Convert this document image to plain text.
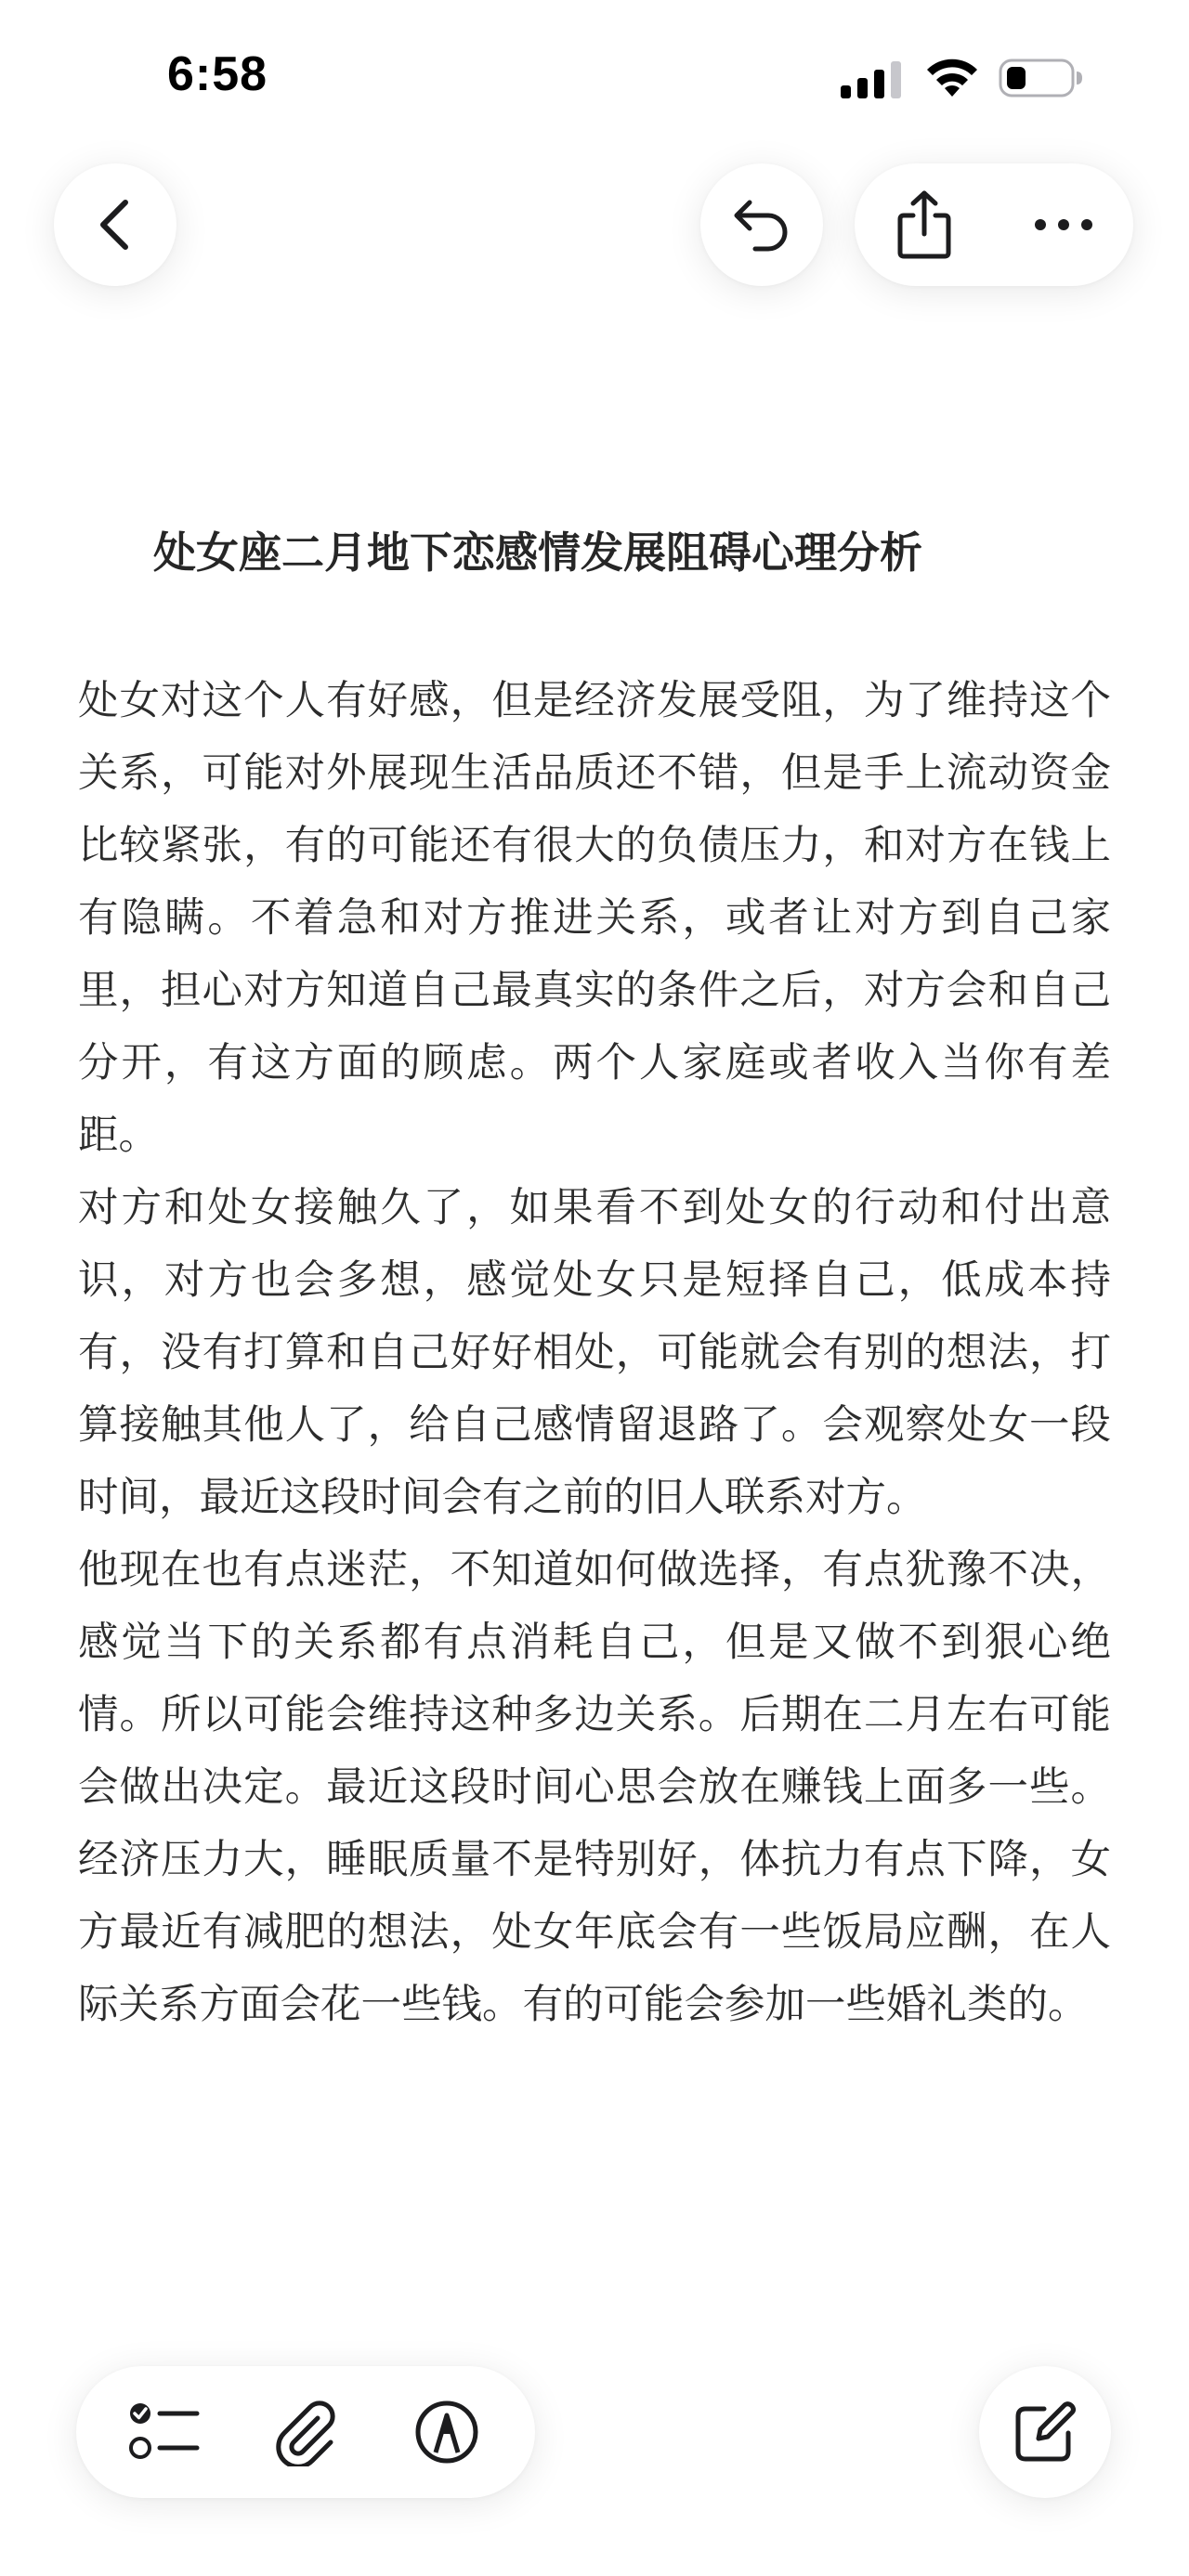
6:58
处女座二月地下恋感情发展阻碍心理分析

处女对这个人有好感，但是经济发展受阻，为了维持这个关系，可能对外展现生活品质还不错，但是手上流动资金比较紧张，有的可能还有很大的负债压力，和对方在钱上有隐瞒。不着急和对方推进关系，或者让对方到自己家里，担心对方知道自己最真实的条件之后，对方会和自己分开，有这方面的顾虑。两个人家庭或者收入当你有差距。

对方和处女接触久了，如果看不到处女的行动和付出意识，对方也会多想，感觉处女只是短择自己，低成本持有，没有打算和自己好好相处，可能就会有别的想法，打算接触其他人了，给自己感情留退路了。会观察处女一段时间，最近这段时间会有之前的旧人联系对方。

他现在也有点迷茫，不知道如何做选择，有点犹豫不决，感觉当下的关系都有点消耗自己，但是又做不到狠心绝情。所以可能会维持这种多边关系。后期在二月左右可能会做出决定。最近这段时间心思会放在赚钱上面多一些。经济压力大，睡眠质量不是特别好，体抗力有点下降，女方最近有减肥的想法，处女年底会有一些饭局应酬，在人际关系方面会花一些钱。有的可能会参加一些婚礼类的。
